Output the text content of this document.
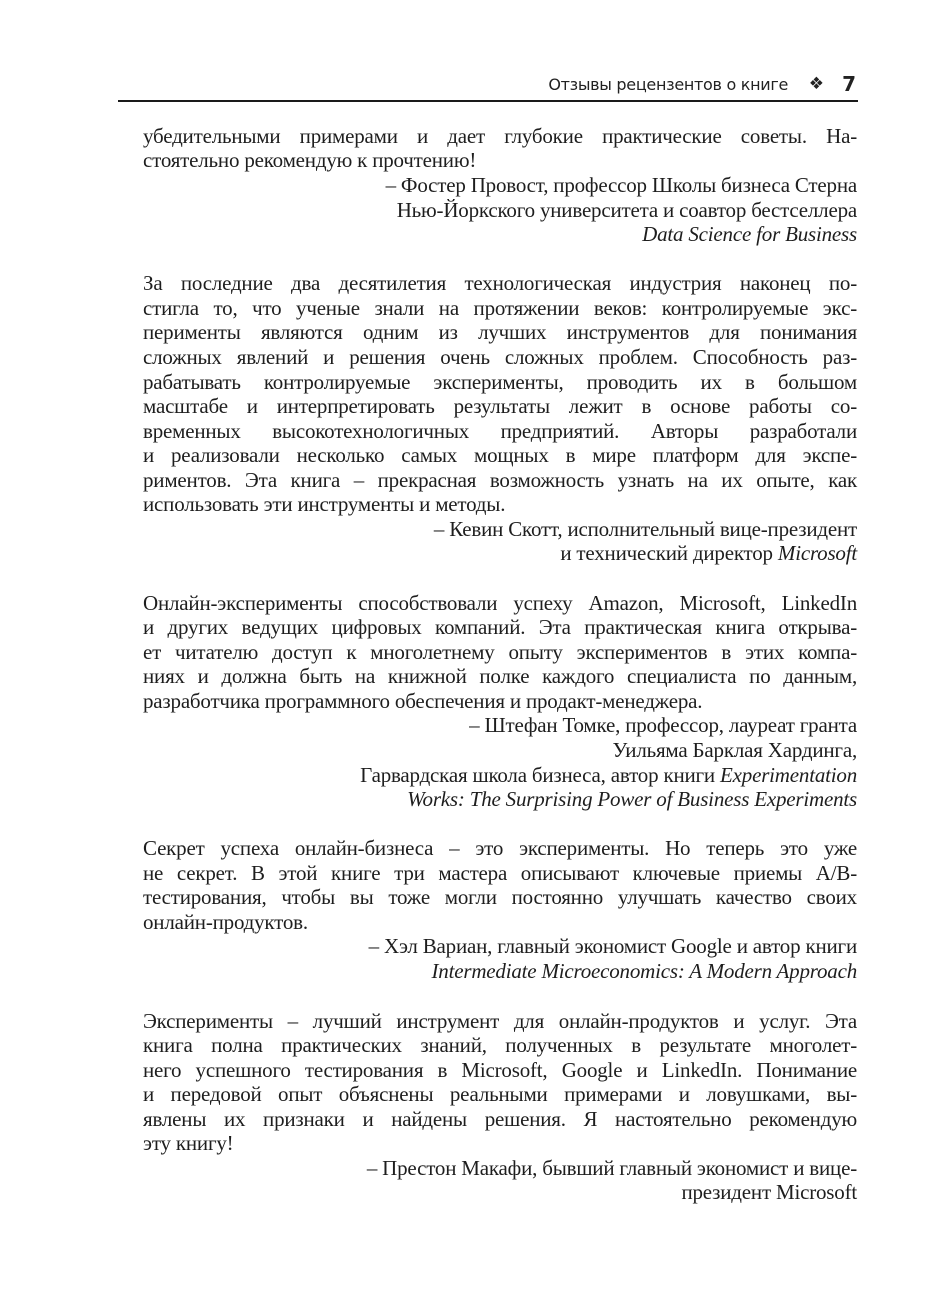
Отзывы рецензентов о книге ❖ 7
убедительными примерами и дает глубокие практические советы. На-
стоятельно рекомендую к прочтению!
– Фостер Провост, профессор Школы бизнеса Стерна
Нью-Йоркского университета и соавтор бестселлера
Data Science for Business
За последние два десятилетия технологическая индустрия наконец по-
стигла то, что ученые знали на протяжении веков: контролируемые экс-
перименты являются одним из лучших инструментов для понимания
сложных явлений и решения очень сложных проблем. Способность раз-
рабатывать контролируемые эксперименты, проводить их в большом
масштабе и интерпретировать результаты лежит в основе работы со-
временных высокотехнологичных предприятий. Авторы разработали
и реализовали несколько самых мощных в мире платформ для экспе-
риментов. Эта книга – прекрасная возможность узнать на их опыте, как
использовать эти инструменты и методы.
– Кевин Скотт, исполнительный вице-президент
и технический директор Microsoft
Онлайн-эксперименты способствовали успеху Amazon, Microsoft, LinkedIn
и других ведущих цифровых компаний. Эта практическая книга открыва-
ет читателю доступ к многолетнему опыту экспериментов в этих компа-
ниях и должна быть на книжной полке каждого специалиста по данным,
разработчика программного обеспечения и продакт-менеджера.
– Штефан Томке, профессор, лауреат гранта
Уильяма Барклая Хардинга,
Гарвардская школа бизнеса, автор книги Experimentation
Works: The Surprising Power of Business Experiments
Секрет успеха онлайн-бизнеса – это эксперименты. Но теперь это уже
не секрет. В этой книге три мастера описывают ключевые приемы A/B-
тестирования, чтобы вы тоже могли постоянно улучшать качество своих
онлайн-продуктов.
– Хэл Вариан, главный экономист Google и автор книги
Intermediate Microeconomics: A Modern Approach
Эксперименты – лучший инструмент для онлайн-продуктов и услуг. Эта
книга полна практических знаний, полученных в результате многолет-
него успешного тестирования в Microsoft, Google и LinkedIn. Понимание
и передовой опыт объяснены реальными примерами и ловушками, вы-
явлены их признаки и найдены решения. Я настоятельно рекомендую
эту книгу!
– Престон Макафи, бывший главный экономист и вице-
президент Microsoft
